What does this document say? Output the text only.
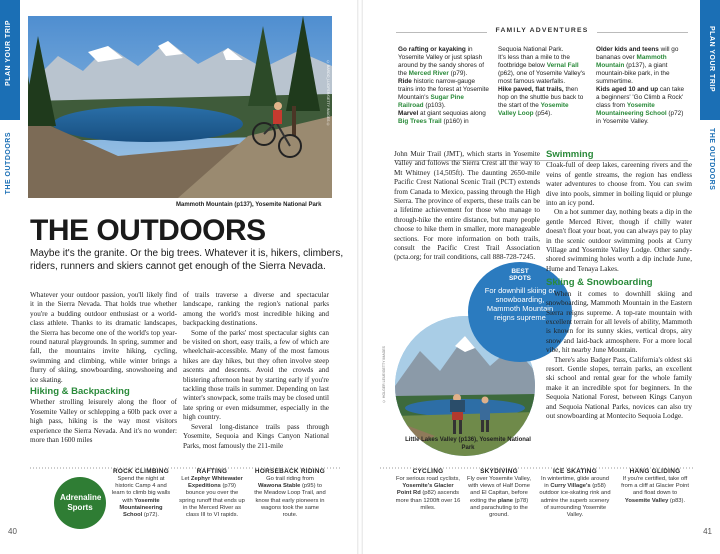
PLAN YOUR TRIP
THE OUTDOORS
PLAN YOUR TRIP
THE OUTDOORS
© BARDO_LUCIFER/GETTY IMAGES ©
Mammoth Mountain (p137), Yosemite National Park
THE OUTDOORS
Maybe it's the granite. Or the big trees. Whatever it is, hikers, climbers, riders, runners and skiers cannot get enough of the Sierra Nevada.

Whatever your outdoor passion, you'll likely find it in the Sierra Nevada. That holds true whether you're a budding outdoor enthusiast or a world-class athlete. Thanks to its dramatic landscapes, the Sierra has become one of the world's top year-round natural playgrounds. In spring, summer and fall, the mountains invite hiking, cycling, swimming and climbing, while winter brings a flurry of skiing, snowboarding, snowshoeing and ice skating.

Hiking & Backpacking

Whether strolling leisurely along the floor of Yosemite Valley or schlepping a 60lb pack over a high pass, hiking is the way most visitors experience the Sierra Nevada. And it's no wonder: more than 1600 miles

of trails traverse a diverse and spectacular landscape, ranking the region's national parks among the world's most incredible hiking and backpacking destinations.

Some of the parks' most spectacular sights can be visited on short, easy trails, a few of which are wheelchair-accessible. Many of the most famous hikes are day hikes, but they often involve steep ascents and descents. Avoid the crowds and blistering afternoon heat by starting early if you're tackling those trails in summer. Depending on last winter's snowpack, some trails may be closed until late spring or even midsummer, especially in the high country.

Several long-distance trails pass through Yosemite, Sequoia and Kings Canyon National Parks, most famously the 211-mile

FAMILY ADVENTURES
Go rafting or kayaking in Yosemite Valley or just splash around by the sandy shores of the Merced River (p79).
Ride historic narrow-gauge trains into the forest at Yosemite Mountain's Sugar Pine Railroad (p103).
Marvel at giant sequoias along Big Trees Trail (p160) in
Sequoia National Park.
It's less than a mile to the footbridge below Vernal Fall (p62), one of Yosemite Valley's most famous waterfalls.
Hike paved, flat trails, then hop on the shuttle bus back to the start of the Yosemite Valley Loop (p54).

Older kids and teens will go bananas over Mammoth Mountain (p137), a giant mountain-bike park, in the summertime.
Kids aged 10 and up can take a beginners' 'Go Climb a Rock' class from Yosemite Mountaineering School (p72) in Yosemite Valley.

John Muir Trail (JMT), which starts in Yosemite Valley and follows the Sierra Crest all the way to Mt Whitney (14,505ft). The daunting 2650-mile Pacific Crest National Scenic Trail (PCT) extends from Canada to Mexico, passing through the High Sierra. The province of experts, these trails can be a lifetime achievement for those who manage to through-hike the entire distance, but many people choose to hike them in smaller, more manageable sections. For more information on both trails, consult the Pacific Crest Trail Association (pcta.org; for trail conditions, call 888-728-7245.

© HOLGER LEUE/GETTY IMAGES
Little Lakes Valley (p136), Yosemite National Park
BEST SPOTS
For downhill skiing or snowboarding, Mammoth Mountain reigns supreme
Swimming

Cloak-full of deep lakes, careening rivers and the veins of gentle streams, the region has endless water adventures to choose from. You can swim dive into pools, simmer in boiling liquid or plunge into an icy pond.

On a hot summer day, nothing beats a dip in the gentle Merced River, though if chilly water doesn't float your boat, you can always pay to play in the scenic outdoor swimming pools at Curry Village and Yosemite Valley Lodge. Other sandy-shored swimming holes worth a dip include June, Hume and Tenaya Lakes.

Skiing & Snowboarding

When it comes to downhill skiing and snowboarding, Mammoth Mountain in the Eastern Sierra reigns supreme. A top-rate mountain with excellent terrain for all levels of ability, Mammoth is known for its sunny skies, vertical drops, airy snow and laid-back atmosphere. For a more local vibe, hit nearby June Mountain.

There's also Badger Pass, California's oldest ski resort. Gentle slopes, terrain parks, an excellent ski school and rental gear for the whole family make it an incredible spot for beginners. In the Sequoia National Forest, between Kings Canyon and Sequoia National Parks, novices can also try out snowboarding at Montecito Sequoia Lodge.

Adrenaline Sports
ROCK CLIMBING
Spend the night at historic Camp 4 and learn to climb big walls with Yosemite Mountaineering School (p72).
RAFTING
Let Zephyr Whitewater Expeditions (p79) bounce you over the spring runoff that ends up in the Merced River as class III to VI rapids.
HORSEBACK RIDING
Go trail riding from Wawona Stable (p95) to the Meadow Loop Trail, and know that early pioneers in wagons took the same route.
CYCLING
For serious road cyclists, Yosemite's Glacier Point Rd (p82) ascends more than 1200ft over 16 miles.
SKYDIVING
Fly over Yosemite Valley, with views of Half Dome and El Capitan, before exiting the plane (p78) and parachuting to the ground.
ICE SKATING
In wintertime, glide around in Curry Village's (p58) outdoor ice-skating rink and admire the superb scenery of surrounding Yosemite Valley.
HANG GLIDING
If you're certified, take off from a cliff at Glacier Point and float down to Yosemite Valley (p83).
40	41
